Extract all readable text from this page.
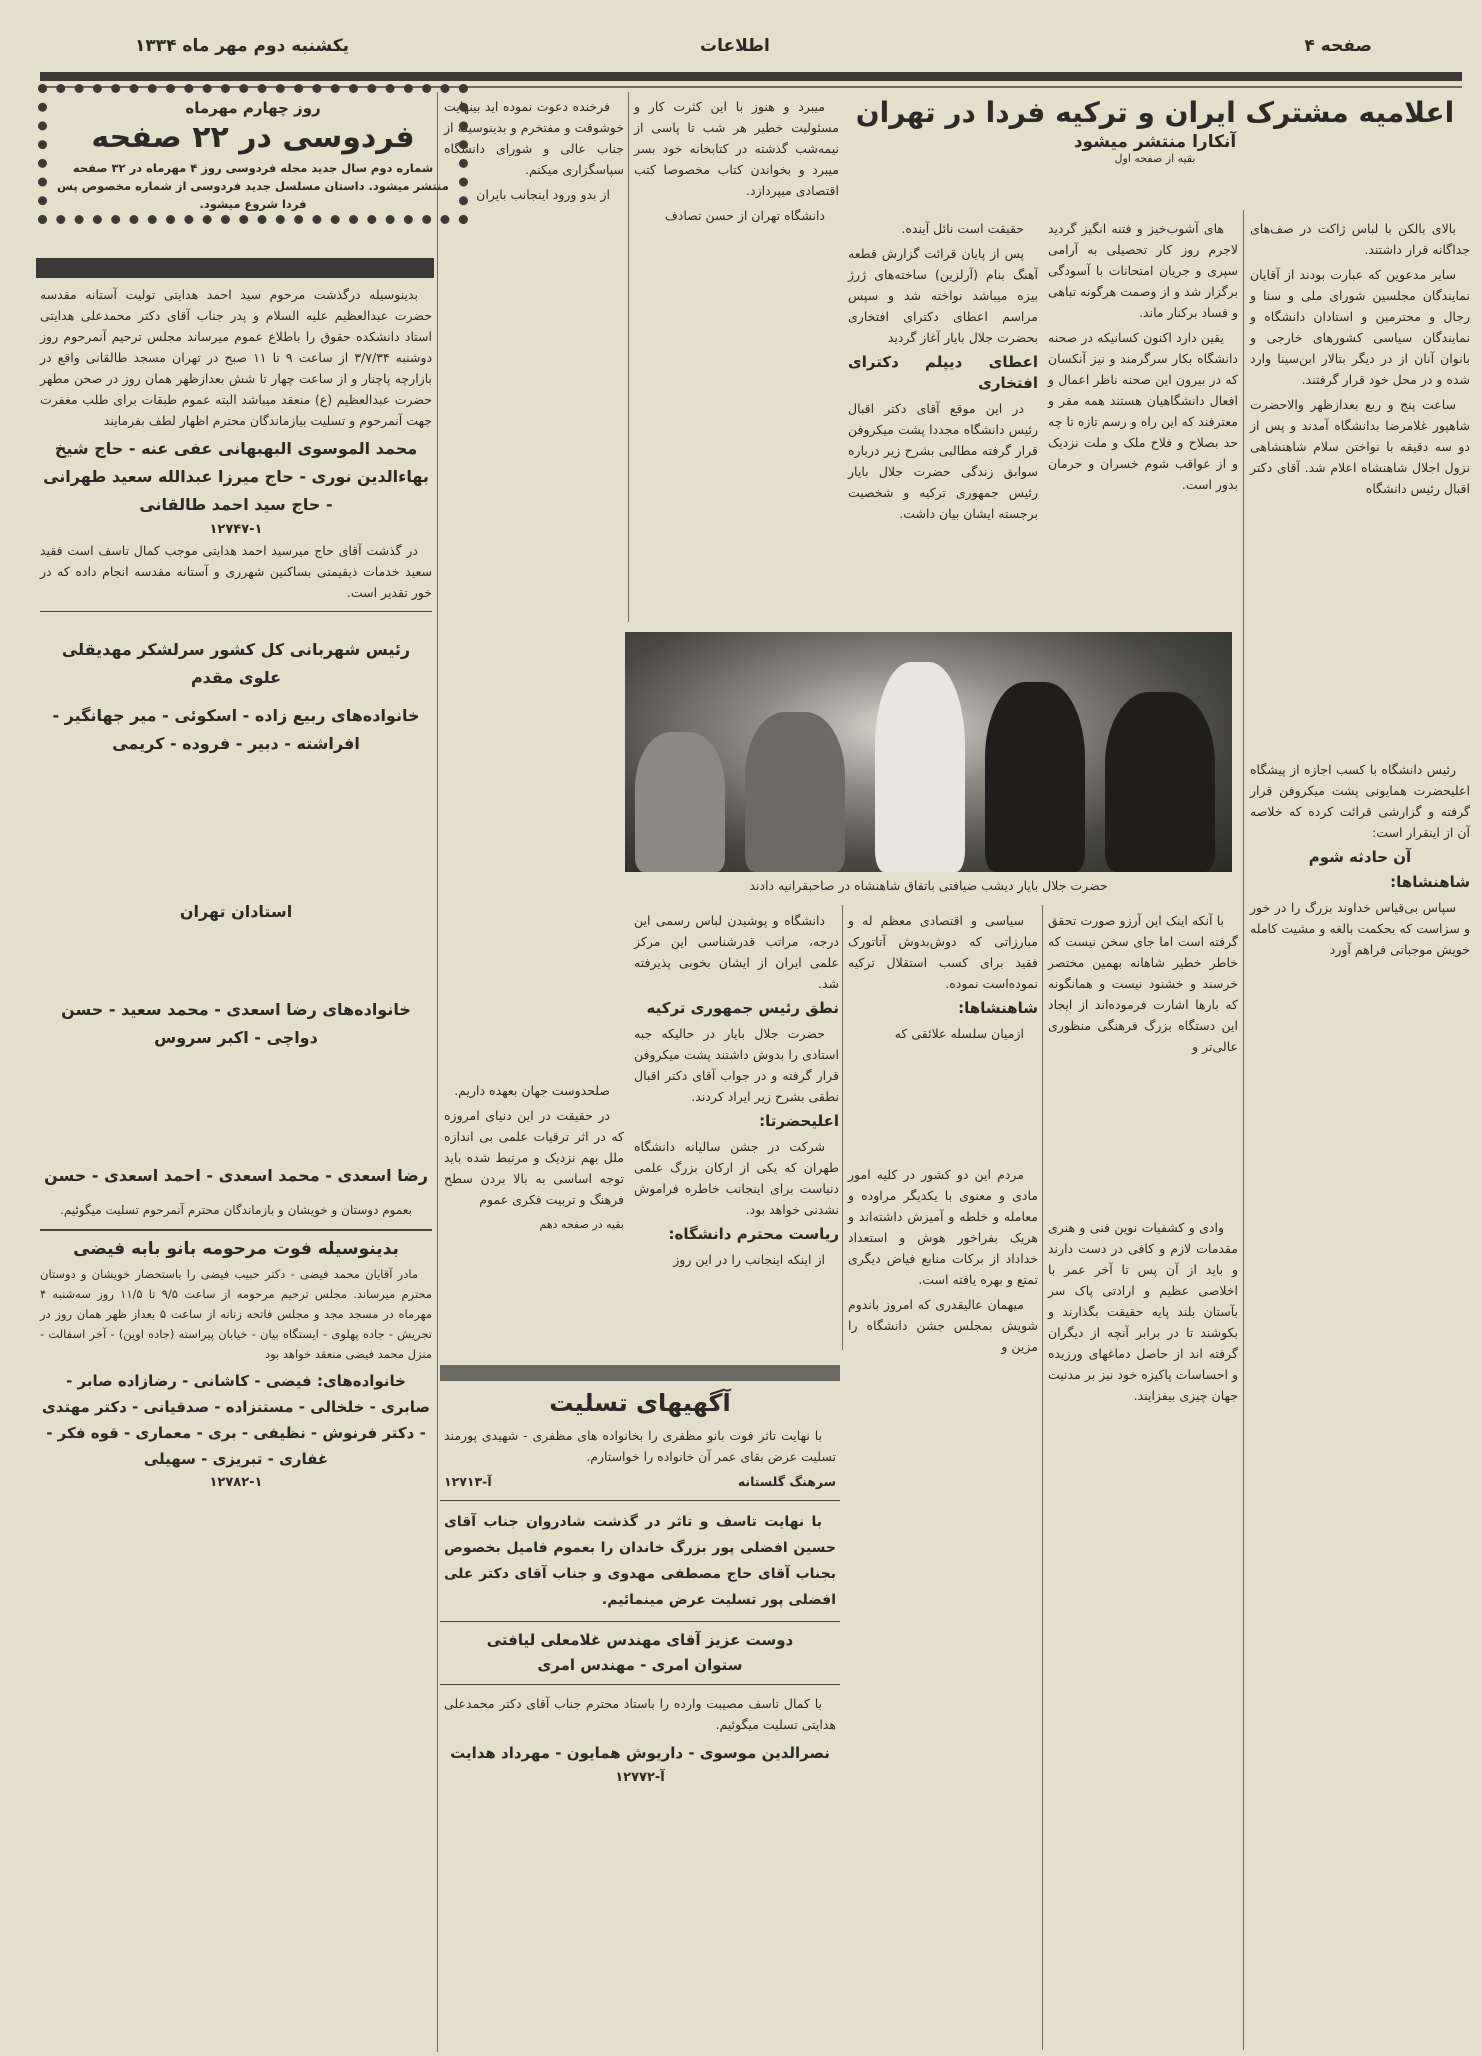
صفحه ۴
اطلاعات
یکشنبه دوم مهر ماه ۱۳۳۴
اعلامیه مشترک ایران و ترکیه فردا در تهران
آنکارا منتشر میشود
بقیه از صفحه اول

بالای بالکن با لباس ژاکت در صف‌های جداگانه قرار داشتند.

سایر مدعوین که عبارت بودند از آقایان نمایندگان مجلسین شورای ملی و سنا و رجال و محترمین و استادان دانشگاه و نمایندگان سیاسی کشورهای خارجی و بانوان آنان از در دیگر بتالار ابن‌سینا وارد شده و در محل خود قرار گرفتند.

ساعت پنج و ربع بعدازظهر والاحضرت شاهپور غلامرضا بدانشگاه آمدند و پس از دو سه دقیقه با نواختن سلام شاهنشاهی نزول اجلال شاهنشاه اعلام شد. آقای دکتر اقبال رئیس دانشگاه

رئیس دانشگاه با کسب اجازه از پیشگاه اعلیحضرت همایونی پشت میکروفن قرار گرفته و گزارشی قرائت کرده که خلاصه آن از اینقرار است:

آن حادثه شوم
شاهنشاها:

سپاس بی‌قیاس خداوند بزرگ را در خور و سزاست که بحکمت بالغه و مشیت کامله خویش موجباتی فراهم آورد

های آشوب‌خیز و فتنه انگیز گردید لاجرم روز کار تحصیلی به آرامی سپری و جریان امتحانات با آسودگی برگزار شد و از وصمت هرگونه تباهی و فساد برکنار ماند.

یقین دارد اکنون کسانیکه در صحنه دانشگاه بکار سرگرمند و نیز آنکسان که در بیرون این صحنه ناظر اعمال و افعال دانشگاهیان هستند همه مقر و معترفند که این راه و رسم تازه تا چه حد بصلاح و فلاح ملک و ملت نزدیک و از عواقب شوم خسران و حرمان بدور است.

حقیقت است نائل آینده.

پس از پایان قرائت گزارش قطعه آهنگ بنام (آرلزین) ساخته‌های ژرژ بیزه میباشد نواخته شد و سپس مراسم اعطای دکترای افتخاری بحضرت جلال بایار آغاز گردید

اعطای دیپلم دکترای افتخاری

در این موقع آقای دکتر اقبال رئیس دانشگاه مجددا پشت میکروفن قرار گرفته مطالبی بشرح زیر درباره سوابق زندگی حضرت جلال بایار رئیس جمهوری ترکیه و شخصیت برجسته ایشان بیان داشت.

میبرد و هنوز با این کثرت کار و مسئولیت خطیر هر شب تا پاسی از نیمه‌شب گذشته در کتابخانه خود بسر میبرد و بخواندن کتاب مخصوصا کتب اقتصادی میپردازد.

دانشگاه تهران از حسن تصادف

فرخنده دعوت نموده اید بینهایت خوشوقت و مفتخرم و بدینوسیله از جناب عالی و شورای دانشگاه سپاسگزاری میکنم.

از بدو ورود اینجانب بایران

حضرت جلال بایار دیشب ضیافتی باتفاق شاهنشاه در صاحبقرانیه دادند

با آنکه اینک این آرزو صورت تحقق گرفته است اما جای سخن نیست که خاطر خطیر شاهانه بهمین مختصر خرسند و خشنود نیست و همانگونه که بارها اشارت فرموده‌اند از ایجاد این دستگاه بزرگ فرهنگی منظوری عالی‌تر و

وادی و کشفیات نوین فنی و هنری مقدمات لازم و کافی در دست دارند و باید از آن پس تا آخر عمر با اخلاصی عظیم و ارادتی پاک سر بآستان بلند پایه حقیقت بگذارند و بکوشند تا در برابر آنچه از دیگران گرفته اند از حاصل دماغهای ورزیده و احساسات پاکیزه خود نیز بر مدنیت جهان چیزی بیفزایند.

سیاسی و اقتصادی معظم له و مبارزاتی که دوش‌بدوش آتاتورک فقید برای کسب استقلال ترکیه نموده‌است نموده.

شاهنشاها:

ازمیان سلسله علائقی که

مردم این دو کشور در کلیه امور مادی و معنوی با یکدیگر مراوده و معامله و خلطه و آمیزش داشته‌اند و هریک بفراخور هوش و استعداد خداداد از برکات منابع فیاض دیگری تمتع و بهره یافته است.

میهمان عالیقدری که امروز باندوم شویش بمجلس جشن دانشگاه را مزین و

دانشگاه و پوشیدن لباس رسمی این درجه، مراتب قدرشناسی این مرکز علمی ایران از ایشان بخوبی پذیرفته شد.

نطق رئیس جمهوری ترکیه

حضرت جلال بایار در حالیکه جبه استادی را بدوش داشتند پشت میکروفن قرار گرفته و در جواب آقای دکتر اقبال نطقی بشرح زیر ایراد کردند.

اعلیحضرتا:

شرکت در جشن سالیانه دانشگاه طهران که یکی از ارکان بزرگ علمی دنیاست برای اینجانب خاطره فراموش نشدنی خواهد بود.

ریاست محترم دانشگاه:

از اینکه اینجانب را در این روز

صلحدوست جهان بعهده داریم.

در حقیقت در این دنیای امروزه که در اثر ترقیات علمی بی اندازه ملل بهم نزدیک و مرتبط شده باید توجه اساسی به بالا بردن سطح فرهنگ و تربیت فکری عموم

بقیه در صفحه دهم
آگهیهای تسلیت

با نهایت تاثر فوت بانو مظفری را بخانواده های مظفری - شهیدی پورمند تسلیت عرض بقای عمر آن خانواده را خواستارم.

سرهنگ گلستانه
آ-۱۲۷۱۳

با نهایت تاسف و تاثر در گذشت شادروان جناب آقای حسین افضلی پور بزرگ خاندان را بعموم فامیل بخصوص بجناب آقای حاج مصطفی مهدوی و جناب آقای دکتر علی افضلی پور تسلیت عرض مینمائیم.

دوست عزیز آقای مهندس غلامعلی لیافتی
ستوان امری - مهندس امری

با کمال تاسف مصیبت وارده را باستاد محترم جناب آقای دکتر محمدعلی هدایتی تسلیت میگوئیم.

نصرالدین موسوی - داریوش همایون - مهرداد هدایت
آ-۱۲۷۷۲
روز چهارم مهرماه
فردوسی در ۲۲ صفحه
شماره دوم سال جدید مجله فردوسی روز ۴ مهرماه در ۳۲ صفحه منتشر میشود. داستان مسلسل جدید فردوسی از شماره مخصوص پس فردا شروع میشود.

بدینوسیله درگذشت مرحوم سید احمد هدایتی تولیت آستانه مقدسه حضرت عبدالعظیم علیه السلام و پدر جناب آقای دکتر محمدعلی هدایتی استاد دانشکده حقوق را باطلاع عموم میرساند مجلس ترحیم آنمرحوم روز دوشنبه ۳/۷/۳۴ از ساعت ۹ تا ۱۱ صبح در تهران مسجد طالقانی واقع در بازارچه پاچنار و از ساعت چهار تا شش بعدازظهر همان روز در صحن مطهر حضرت عبدالعظیم (ع) منعقد میباشد البته عموم طبقات برای طلب مغفرت جهت آنمرحوم و تسلیت بیازماندگان محترم اظهار لطف بفرمایند

محمد الموسوی البهبهانی عفی عنه - حاج شیخ بهاءالدین نوری - حاج میرزا عبدالله سعید طهرانی - حاج سید احمد طالقانی
۱۲۷۴۷-۱

در گذشت آقای حاج میرسید احمد هدایتی موجب کمال تاسف است فقید سعید خدمات ذیقیمتی بساکنین شهرری و آستانه مقدسه انجام داده که در خور تقدیر است.

رئیس شهربانی کل کشور سرلشکر مهدیقلی علوی مقدم
خانواده‌های ربیع زاده - اسکوئی - میر جهانگیر - افراشته - دبیر - فروده - کریمی
استادان تهران
خانواده‌های رضا اسعدی - محمد سعید - حسن دواچی - اکبر سروس
رضا اسعدی - محمد اسعدی - احمد اسعدی - حسن
بعموم دوستان و خویشان و بازماندگان محترم آنمرحوم تسلیت میگوئیم.
بدینوسیله فوت مرحومه بانو بابه فیضی

مادر آقایان محمد فیضی - دکتر حبیب فیضی را باستحضار خویشان و دوستان محترم میرساند. مجلس ترحیم مرحومه از ساعت ۹/۵ تا ۱۱/۵ روز سه‌شنبه ۴ مهرماه در مسجد مجد و مجلس فاتحه زنانه از ساعت ۵ بعداز ظهر همان روز در تجریش - جاده پهلوی - ایستگاه بیان - خیابان پیراسته (جاده اوین) - آخر اسفالت - منزل محمد فیضی منعقد خواهد بود

خانواده‌های: فیضی - کاشانی - رضازاده صابر - صابری - خلخالی - مستنزاده - صدقیانی - دکتر مهتدی - دکتر فرنوش - نظیفی - بری - معماری - قوه فکر - غفاری - تبریزی - سهیلی
۱۲۷۸۲-۱
